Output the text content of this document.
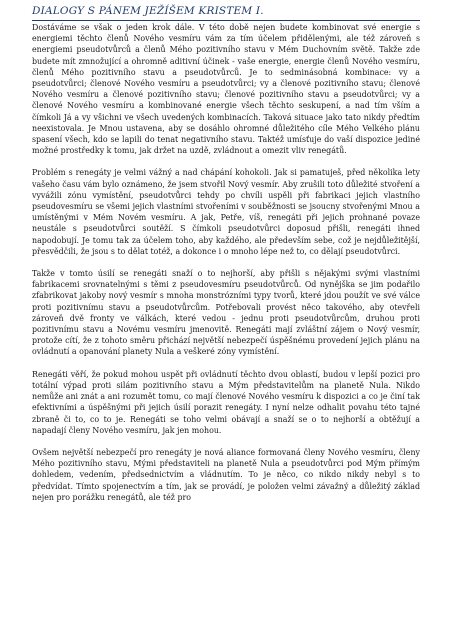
DIALOGY S PÁNEM JEŽÍŠEM KRISTEM I.

Dostáváme se však o jeden krok dále. V této době nejen budete kombinovat své energie s energiemi těchto členů Nového vesmíru vám za tím účelem přidělenými, ale též zároveň s energiemi pseudotvůrců a členů Mého pozitivního stavu v Mém Duchovním světě. Takže zde budete mít zmnožující a ohromně aditivní účinek - vaše energie, energie členů Nového vesmíru, členů Mého pozitivního stavu a pseudotvůrců. Je to sedminásobná kombinace: vy a pseudotvůrci; členové Nového vesmíru a pseudotvůrci; vy a členové pozitivního stavu; členové Nového vesmíru a členové pozitivního stavu; členové pozitivního stavu a pseudotvůrci; vy a členové Nového vesmíru a kombinované energie všech těchto seskupení, a nad tím vším a čímkoli Já a vy všichni ve všech uvedených kombinacích. Taková situace jako tato nikdy předtím neexistovala. Je Mnou ustavena, aby se dosáhlo ohromné důležitého cíle Mého Velkého plánu spasení všech, kdo se lapili do tenat negativního stavu. Taktéž umísťuje do vaší dispozice jediné možné prostředky k tomu, jak držet na uzdě, zvládnout a omezit vliv renegátů.

Problém s renegáty je velmi vážný a nad chápání kohokoli. Jak si pamatuješ, před několika lety vašeho času vám bylo oznámeno, že jsem stvořil Nový vesmír. Aby zrušili toto důležité stvoření a vyvážili zónu vymístění, pseudotvůrci tehdy po chvíli uspěli při fabrikaci jejich vlastního pseudovesmíru se všemi jejich vlastními stvořeními v souběžnosti se jsoucny stvořenými Mnou a umístěnými v Mém Novém vesmíru. A jak, Petře, víš, renegáti při jejich prohnané povaze neustále s pseudotvůrci soutěží. S čímkoli pseudotvůrci doposud přišli, renegáti ihned napodobují. Je tomu tak za účelem toho, aby každého, ale především sebe, což je nejdůležitější, přesvědčili, že jsou s to dělat totéž, a dokonce i o mnoho lépe než to, co dělají pseudotvůrci.

Takže v tomto úsilí se renegáti snaží o to nejhorší, aby přišli s nějakými svými vlastními fabrikacemi srovnatelnými s těmi z pseudovesmíru pseudotvůrců. Od nynějška se jim podařilo zfabrikovat jakoby nový vesmír s mnoha monstrózními typy tvorů, které jdou použít ve své válce proti pozitivnímu stavu a pseudotvůrcům. Potřebovali provést něco takového, aby otevřeli zároveň dvě fronty ve válkách, které vedou - jednu proti pseudotvůrcům, druhou proti pozitivnímu stavu a Novému vesmíru jmenovitě. Renegáti mají zvláštní zájem o Nový vesmír, protože cítí, že z tohoto směru přichází největší nebezpečí úspěšnému provedení jejich plánu na ovládnutí a opanování planety Nula a veškeré zóny vymístění.

Renegáti věří, že pokud mohou uspět při ovládnutí těchto dvou oblastí, budou v lepší pozici pro totální výpad proti silám pozitivního stavu a Mým představitelům na planetě Nula. Nikdo nemůže ani znát a ani rozumět tomu, co mají členové Nového vesmíru k dispozici a co je činí tak efektivními a úspěšnými při jejich úsilí porazit renegáty. I nyní nelze odhalit povahu této tajné zbraně či to, co to je. Renegáti se toho velmi obávají a snaží se o to nejhorší a obtěžují a napadají členy Nového vesmíru, jak jen mohou.

Ovšem největší nebezpečí pro renegáty je nová aliance formovaná členy Nového vesmíru, členy Mého pozitivního stavu, Mými představiteli na planetě Nula a pseudotvůrci pod Mým přímým dohledem, vedením, předsednictvím a vládnutím. To je něco, co nikdo nikdy nebyl s to předvídat. Tímto spojenectvím a tím, jak se provádí, je položen velmi závažný a důležitý základ nejen pro porážku renegátů, ale též pro
